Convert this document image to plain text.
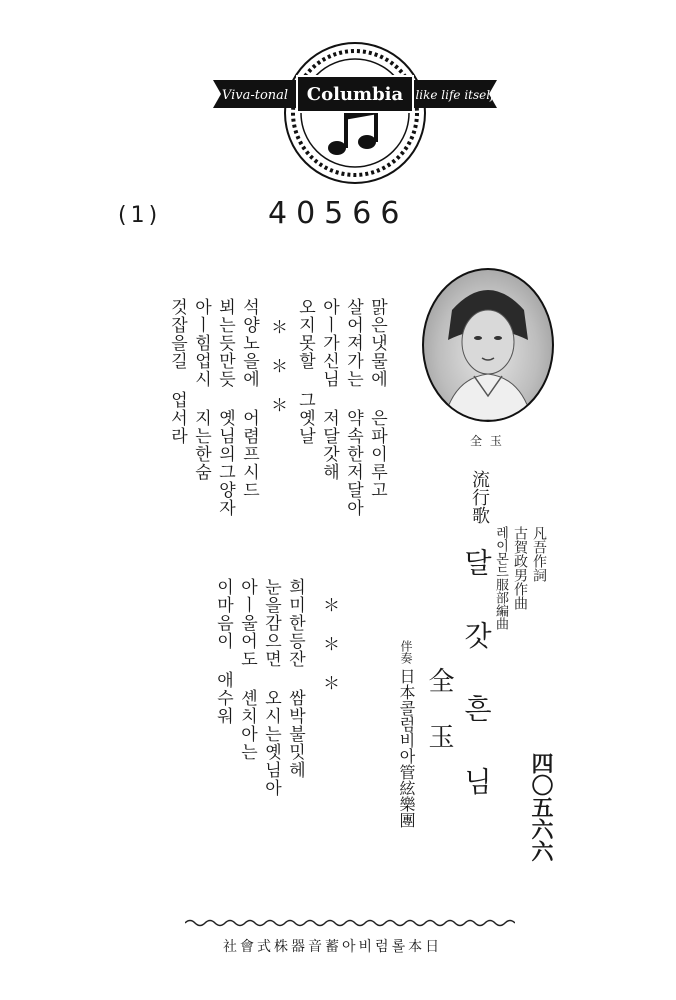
Viva-tonal Columbia like life itself
(1)	40566
全 玉
맑은냇물에 은파이루고
살어져가는 약속한저달아
아ㅣ가신님 저달갓해
오지못할 그옛날
＊ ＊ ＊
석양노을에 어렴프시드
뵈는듯만듯 옛님의그양자
아ㅣ힘업시 지는한숨
것잡을길 업서라
＊ ＊ ＊
희미한등잔 쌈박불밋헤
눈을감으면 오시는옛님아
아ㅣ울어도 셴치아는
이마음이 애수워
流行歌
달 갓 흔 님	凡吾作詞
古賀政男作曲
레이몬드服部編曲
全 玉
伴奏
日本콜럼비아管絃樂團	四〇五六六
社會式株器音蓄아비럼롤本日
